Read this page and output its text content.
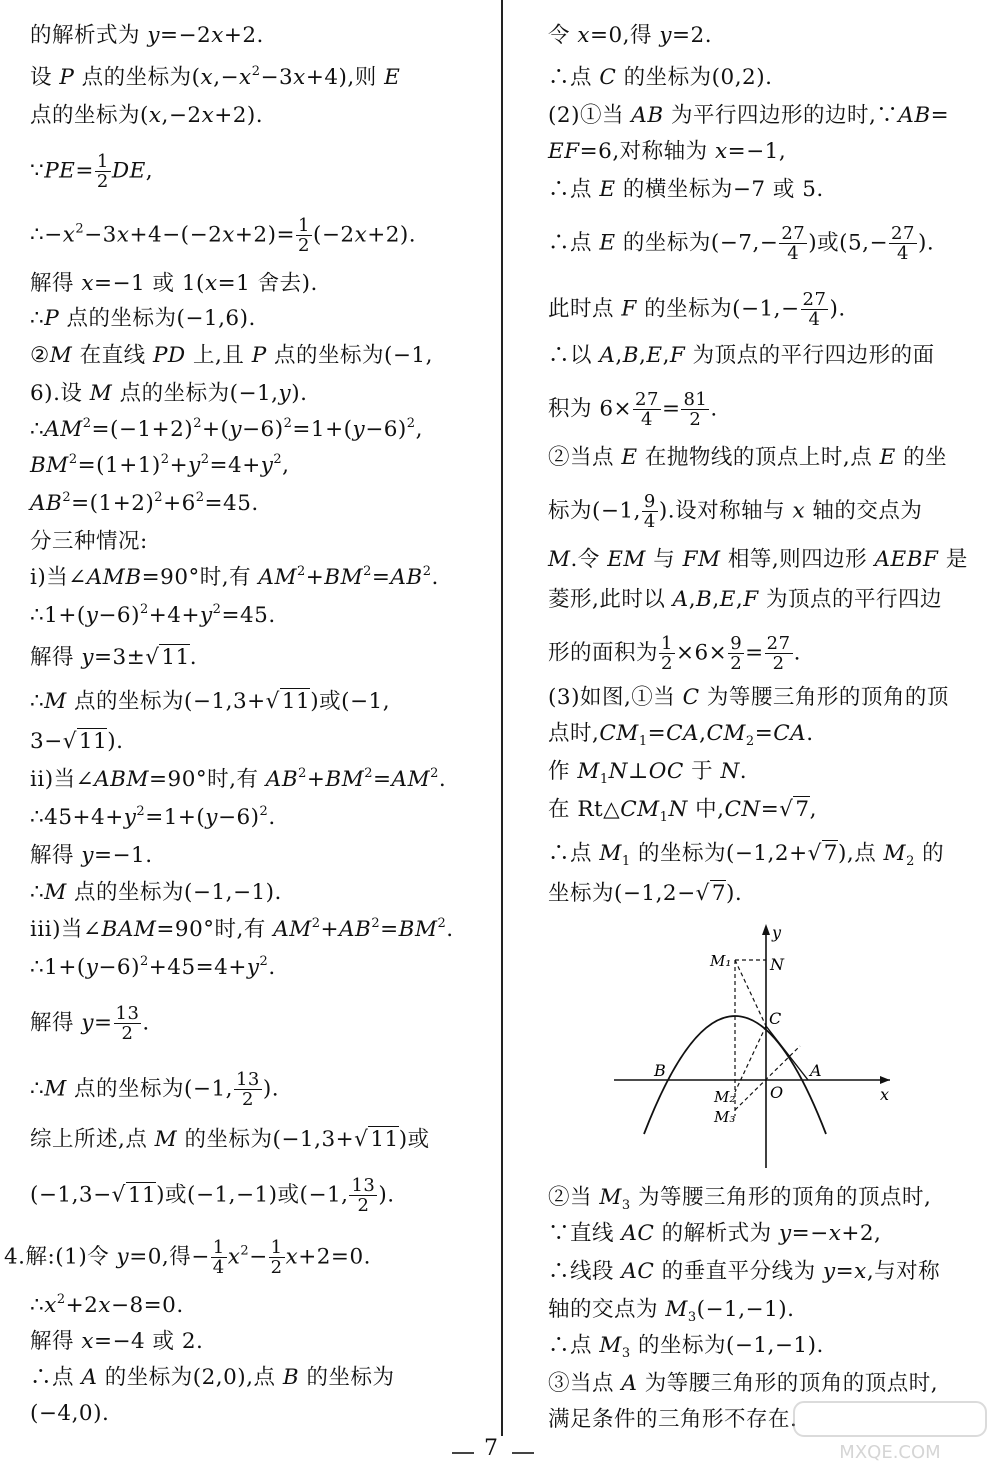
的解析式为 y=−2x+2.
设 P 点的坐标为$(x,-x^2-3x+4)$,则 E
点的坐标为(x,−2x+2).
∵PE= $\frac{1}{2}$ DE,
$\therefore-x^2-3x+4-(-2x+2)= \frac{1}{2} (-2x+2)$.
解得 x=−1 或 1(x=1 舍去).
∴P 点的坐标为(−1,6).
②M 在直线 PD 上,且 P 点的坐标为(−1,
6).设 M 点的坐标为(−1,y).
$\therefore AM^2=(-1+2)^2+(y-6)^2=1+(y-6)^2$,
$BM^2=(1+1)^2+y^2=4+y^2$,
$AB^2=(1+2)^2+6^2=45$.
分三种情况:
i)当∠AMB=90°时,有 $AM^2+BM^2=AB^2$.
$\therefore 1+(y-6)^2+4+y^2=45$.
解得 y=3±√11.
∴M 点的坐标为(−1,3+√11)或(−1,
3−√11).
ii)当∠ABM=90°时,有 $AB^2+BM^2=AM^2$.
$\therefore 45+4+y^2=1+(y-6)^2$.
解得 y=−1.
∴M 点的坐标为(−1,−1).
iii)当∠BAM=90°时,有 $AM^2+AB^2=BM^2$.
$\therefore 1+(y-6)^2+45=4+y^2$.
解得 $y= \frac{13}{2}$ .
∴M 点的坐标为(−1, $\frac{13}{2}$ ).
综上所述,点 M 的坐标为(−1,3+√11)或
(−1,3−√11)或(−1,−1)或(−1, $\frac{13}{2}$ ).
4.解:(1)令 y=0,得− $\frac{1}{4} x^2- \frac{1}{2} x+2=0$.
$\therefore x^2+2x-8=0$.
解得 x=−4 或 2.
∴点 A 的坐标为(2,0),点 B 的坐标为
(−4,0).
令 x=0,得 y=2.
∴点 C 的坐标为(0,2).
(2)①当 AB 为平行四边形的边时,∵AB=
EF=6,对称轴为 x=−1,
∴点 E 的横坐标为−7 或 5.
∴点 E 的坐标为($-7,- \frac{27}{4}$ )或($5,- \frac{27}{4}$ ).
此时点 F 的坐标为($-1,- \frac{27}{4}$ ).
∴以 A,B,E,F 为顶点的平行四边形的面
积为 $6\times \frac{27}{4} = \frac{81}{2}$ .
②当点 E 在抛物线的顶点上时,点 E 的坐
标为(−1, $\frac{9}{4}$ ).设对称轴与 x 轴的交点为
M.令 EM 与 FM 相等,则四边形 AEBF 是
菱形,此时以 A,B,E,F 为顶点的平行四边
形的面积为 $\frac{1}{2} \times 6\times \frac{9}{2} = \frac{27}{2}$ .
(3)如图,①当 C 为等腰三角形的顶角的顶
点时$,CM_1=CA,CM_2=CA$.
作 $M_1N\perp OC$ 于 N.
在 $Rt\triangle CM_1N$ 中,CN=√7,
∴点 $M_1$ 的坐标为(−1,2+√7),点 $M_2$ 的
坐标为(−1,2−√7).
②当 $M_3$ 为等腰三角形的顶角的顶点时,
∵直线 AC 的解析式为 y=−x+2,
∴线段 AC 的垂直平分线为 y=x,与对称
轴的交点为 $M_3(-1,-1)$.
∴点 $M_3$ 的坐标为(−1,−1).
③当点 A 为等腰三角形的顶角的顶点时,
满足条件的三角形不存在.
y
x
O
A
B
C
N
M₁
M₂
M₃
7	MXQE.COM
